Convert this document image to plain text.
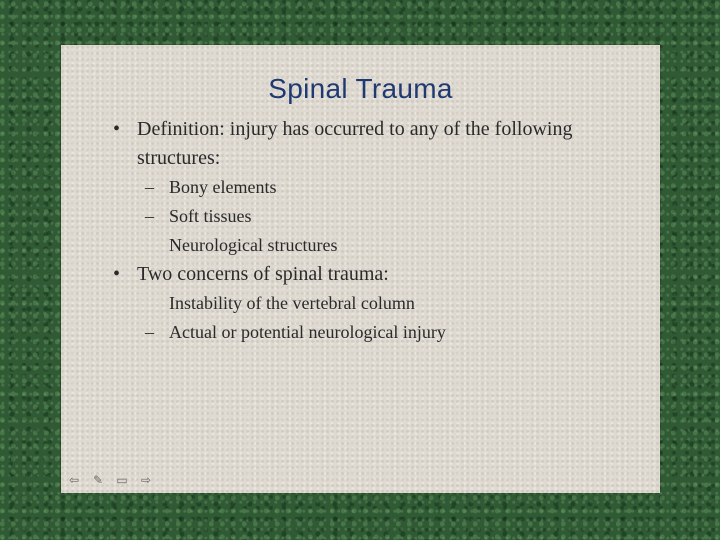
Spinal Trauma
• Definition: injury has occurred to any of the following structures:
– Bony elements
– Soft tissues
Neurological structures
• Two concerns of spinal trauma:
Instability of the vertebral column
– Actual or potential neurological injury
⇦ ✎ ▭ ⇨
